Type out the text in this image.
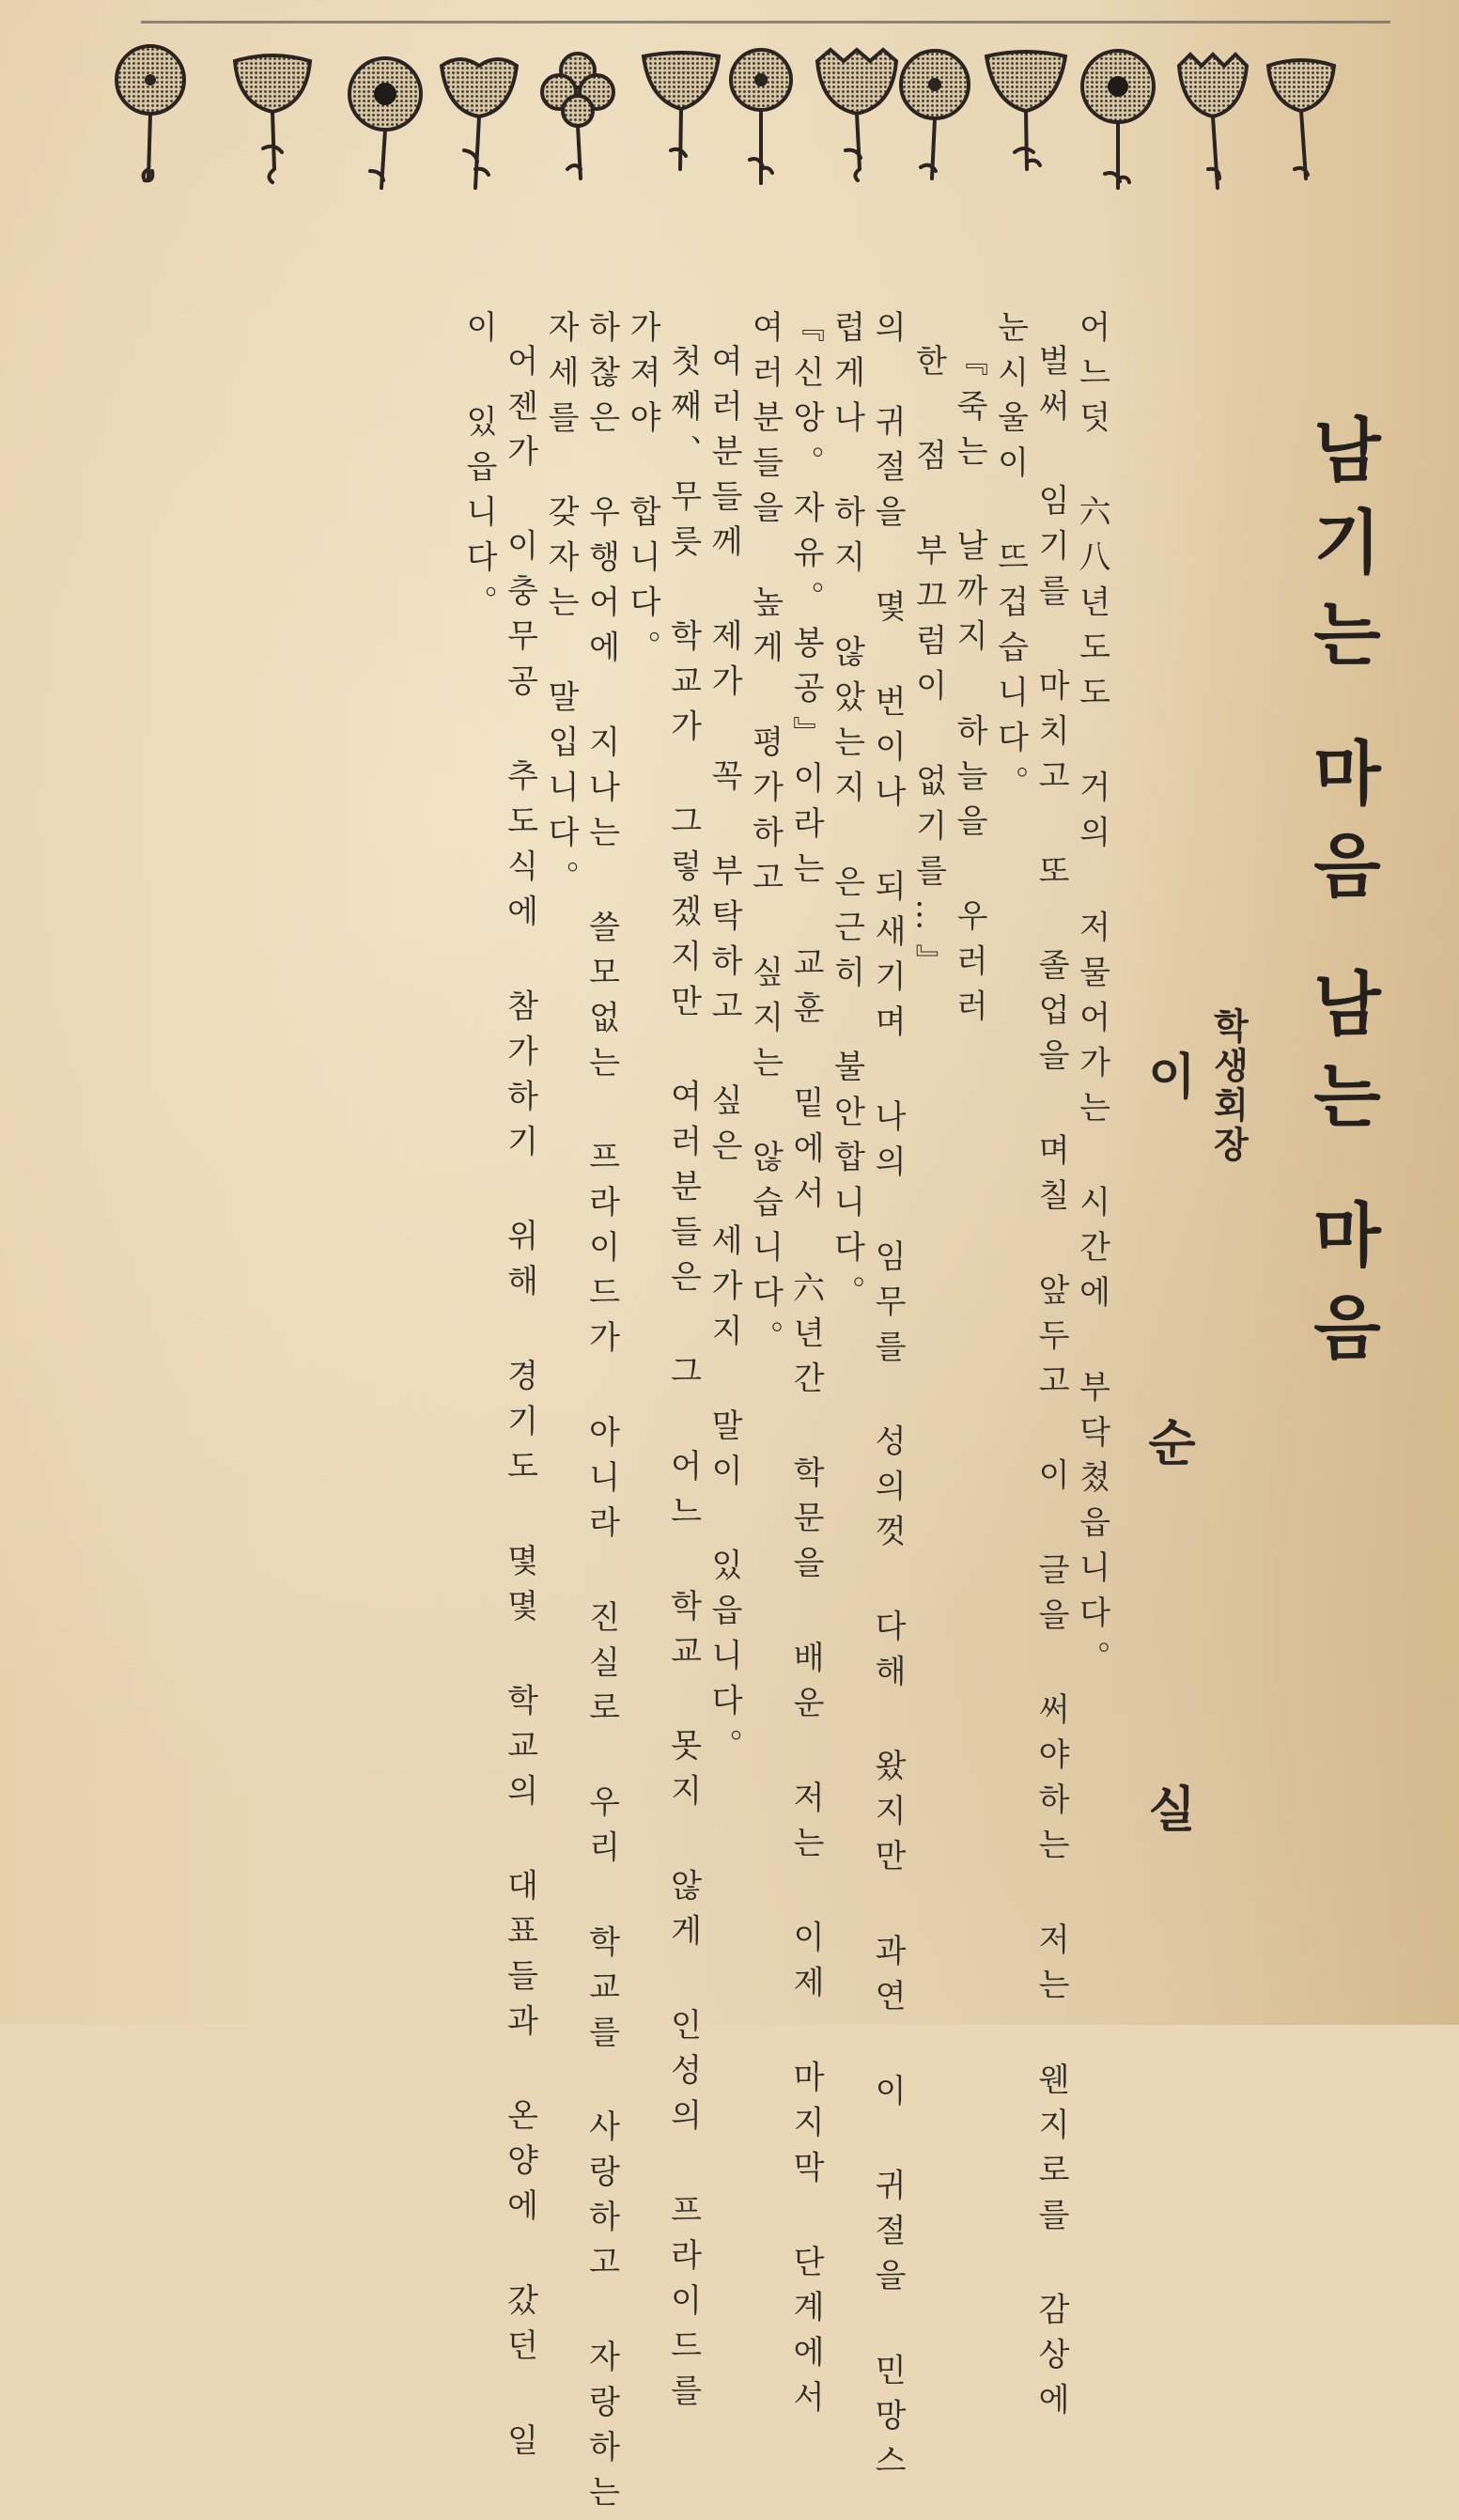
남기는 마음 남는 마음
학생회장
이 순 실
어느덧 六八년도도 거의 저물어가는 시간에 부닥쳤읍니다。
벌써 임기를 마치고 또 졸업을 며칠 앞두고 이 글을 써야하는 저는 웬지로를 감상에
눈시울이 뜨겁습니다。
『죽는 날까지 하늘을 우러러
한 점 부끄럼이 없기를…』
의 귀절을 몇 번이나 되새기며 나의 임무를 성의껏 다해 왔지만 과연 이 귀절을 민망스
럽게나 하지 않았는지 은근히 불안합니다。
『신앙。자유。봉공』이라는 교훈 밑에서 六년간 학문을 배운 저는 이제 마지막 단계에서
여러분들을 높게 평가하고 싶지는 않습니다。
여러분들께 제가 꼭 부탁하고 싶은 세가지 말이 있읍니다。
첫째、무릇 학교가 그렇겠지만 여러분들은 그 어느 학교 못지 않게 인성의 프라이드를
가져야 합니다。
하찮은 우행어에 지나는 쓸모없는 프라이드가 아니라 진실로 우리 학교를 사랑하고 자랑하는
자세를 갖자는 말입니다。
어젠가 이충무공 추도식에 참가하기 위해 경기도 몇몇 학교의 대표들과 온양에 갔던 일
이 있읍니다。
